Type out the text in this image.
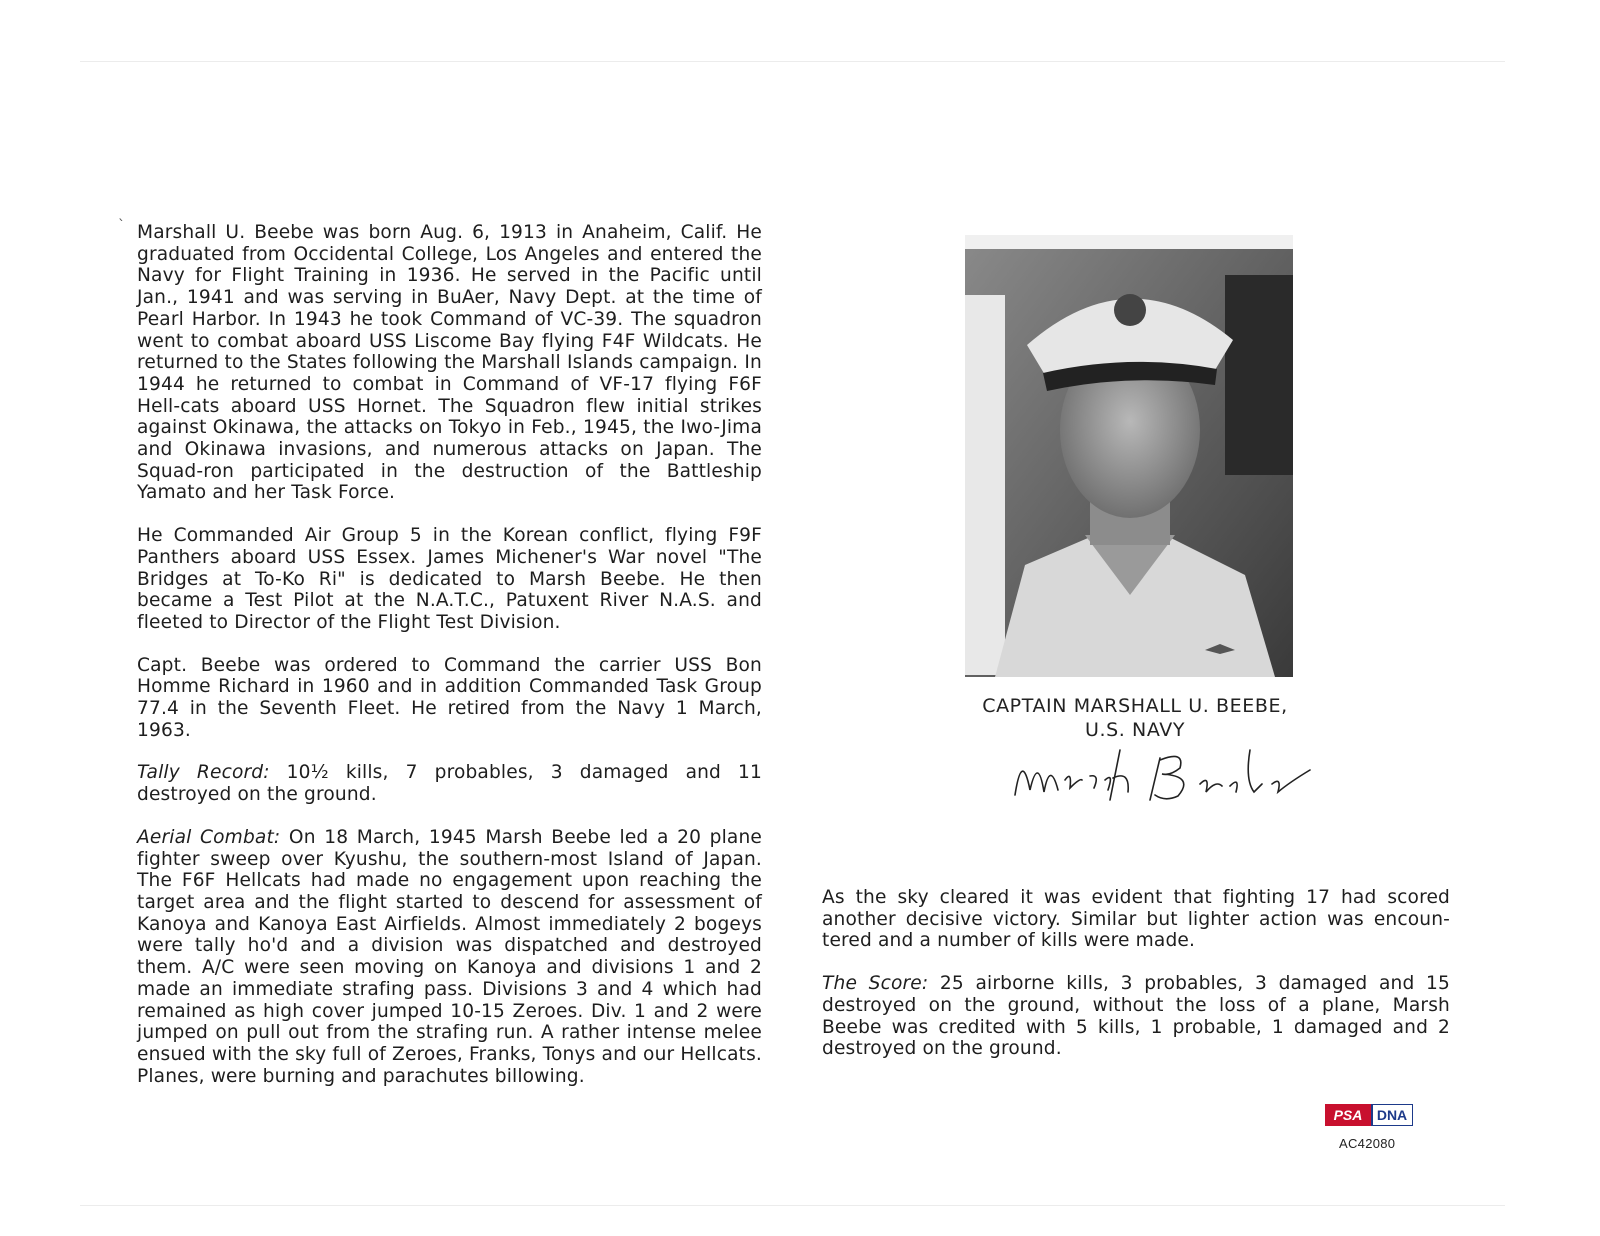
` Marshall U. Beebe was born Aug. 6, 1913 in Anaheim, Calif. He graduated from Occidental College, Los Angeles and entered the Navy for Flight Training in 1936. He served in the Pacific until Jan., 1941 and was serving in BuAer, Navy Dept. at the time of Pearl Harbor. In 1943 he took Command of VC-39. The squadron went to combat aboard USS Liscome Bay flying F4F Wildcats. He returned to the States following the Marshall Islands campaign. In 1944 he returned to combat in Command of VF-17 flying F6F Hell-cats aboard USS Hornet. The Squadron flew initial strikes against Okinawa, the attacks on Tokyo in Feb., 1945, the Iwo-Jima and Okinawa invasions, and numerous attacks on Japan. The Squad-ron participated in the destruction of the Battleship Yamato and her Task Force.

He Commanded Air Group 5 in the Korean conflict, flying F9F Panthers aboard USS Essex. James Michener's War novel "The Bridges at To-Ko Ri" is dedicated to Marsh Beebe. He then became a Test Pilot at the N.A.T.C., Patuxent River N.A.S. and fleeted to Director of the Flight Test Division.

Capt. Beebe was ordered to Command the carrier USS Bon Homme Richard in 1960 and in addition Commanded Task Group 77.4 in the Seventh Fleet. He retired from the Navy 1 March, 1963.

Tally Record: 10½ kills, 7 probables, 3 damaged and 11 destroyed on the ground.

Aerial Combat: On 18 March, 1945 Marsh Beebe led a 20 plane fighter sweep over Kyushu, the southern-most Island of Japan. The F6F Hellcats had made no engagement upon reaching the target area and the flight started to descend for assessment of Kanoya and Kanoya East Airfields. Almost immediately 2 bogeys were tally ho'd and a division was dispatched and destroyed them. A/C were seen moving on Kanoya and divisions 1 and 2 made an immediate strafing pass. Divisions 3 and 4 which had remained as high cover jumped 10-15 Zeroes. Div. 1 and 2 were jumped on pull out from the strafing run. A rather intense melee ensued with the sky full of Zeroes, Franks, Tonys and our Hellcats. Planes, were burning and parachutes billowing.

CAPTAIN MARSHALL U. BEEBE,
U.S. NAVY

As the sky cleared it was evident that fighting 17 had scored another decisive victory. Similar but lighter action was encoun-tered and a number of kills were made.

The Score: 25 airborne kills, 3 probables, 3 damaged and 15 destroyed on the ground, without the loss of a plane, Marsh Beebe was credited with 5 kills, 1 probable, 1 damaged and 2 destroyed on the ground.

PSA DNA
AC42080
